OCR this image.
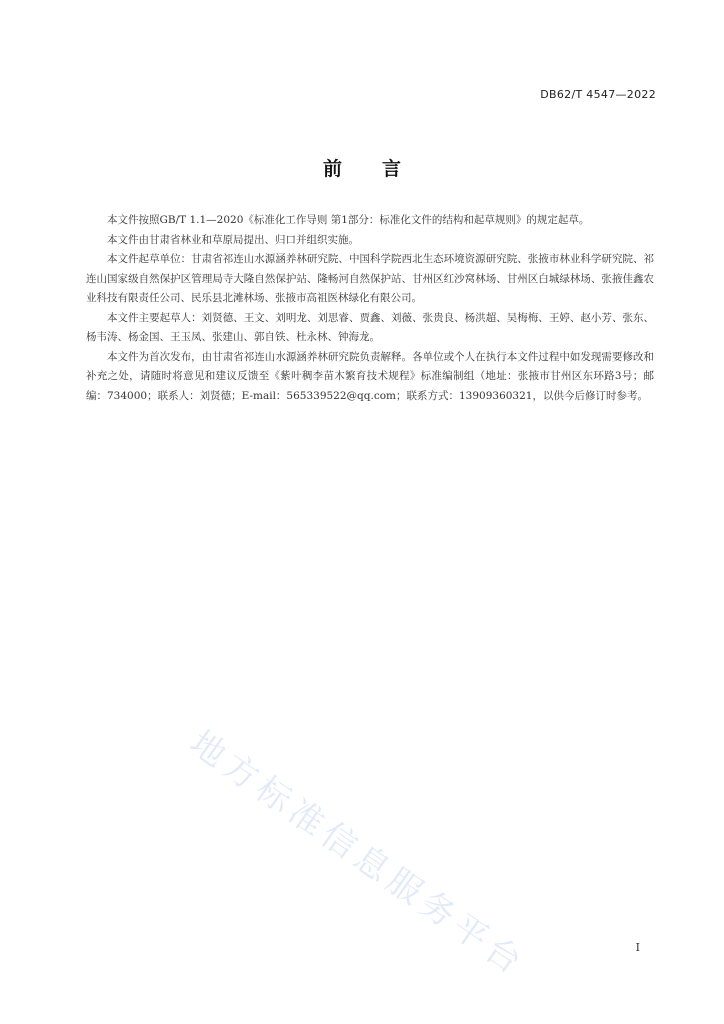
DB62/T 4547—2022
前言

本文件按照GB/T 1.1—2020《标准化工作导则 第1部分：标准化文件的结构和起草规则》的规定起草。

本文件由甘肃省林业和草原局提出、归口并组织实施。

本文件起草单位：甘肃省祁连山水源涵养林研究院、中国科学院西北生态环境资源研究院、张掖市林业科学研究院、祁连山国家级自然保护区管理局寺大隆自然保护站、隆畅河自然保护站、甘州区红沙窝林场、甘州区白城绿林场、张掖佳鑫农业科技有限责任公司、民乐县北滩林场、张掖市高祖医林绿化有限公司。

本文件主要起草人：刘贤德、王文、刘明龙、刘思睿、贾鑫、刘薇、张贵良、杨洪超、吴梅梅、王婷、赵小芳、张东、杨韦涛、杨金国、王玉凤、张建山、郭自铁、杜永林、钟海龙。

本文件为首次发布，由甘肃省祁连山水源涵养林研究院负责解释。各单位或个人在执行本文件过程中如发现需要修改和补充之处，请随时将意见和建议反馈至《紫叶稠李苗木繁育技术规程》标准编制组（地址：张掖市甘州区东环路3号；邮编：734000；联系人：刘贤德；E-mail：565339522@qq.com；联系方式：13909360321，以供今后修订时参考。

地方标准信息服务平台	I
